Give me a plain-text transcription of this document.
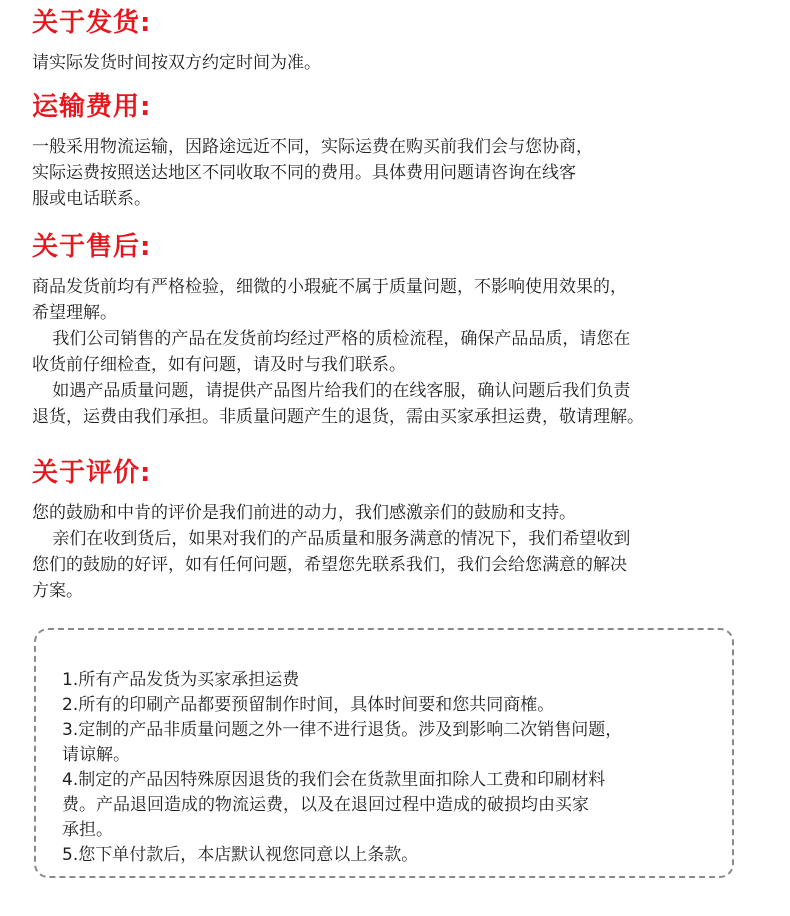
关于发货:

请实际发货时间按双方约定时间为准。

运输费用:

一般采用物流运输，因路途远近不同，实际运费在购买前我们会与您协商，

实际运费按照送达地区不同收取不同的费用。具体费用问题请咨询在线客

服或电话联系。

关于售后:

商品发货前均有严格检验，细微的小瑕疵不属于质量问题，不影响使用效果的，

希望理解。

我们公司销售的产品在发货前均经过严格的质检流程，确保产品品质，请您在

收货前仔细检查，如有问题，请及时与我们联系。

如遇产品质量问题，请提供产品图片给我们的在线客服，确认问题后我们负责

退货，运费由我们承担。非质量问题产生的退货，需由买家承担运费，敬请理解。

关于评价:

您的鼓励和中肯的评价是我们前进的动力，我们感激亲们的鼓励和支持。

亲们在收到货后，如果对我们的产品质量和服务满意的情况下，我们希望收到

您们的鼓励的好评，如有任何问题，希望您先联系我们，我们会给您满意的解决

方案。

1.所有产品发货为买家承担运费
2.所有的印刷产品都要预留制作时间，具体时间要和您共同商榷。
3.定制的产品非质量问题之外一律不进行退货。涉及到影响二次销售问题，
请谅解。
4.制定的产品因特殊原因退货的我们会在货款里面扣除人工费和印刷材料
费。产品退回造成的物流运费，以及在退回过程中造成的破损均由买家
承担。
5.您下单付款后，本店默认视您同意以上条款。
